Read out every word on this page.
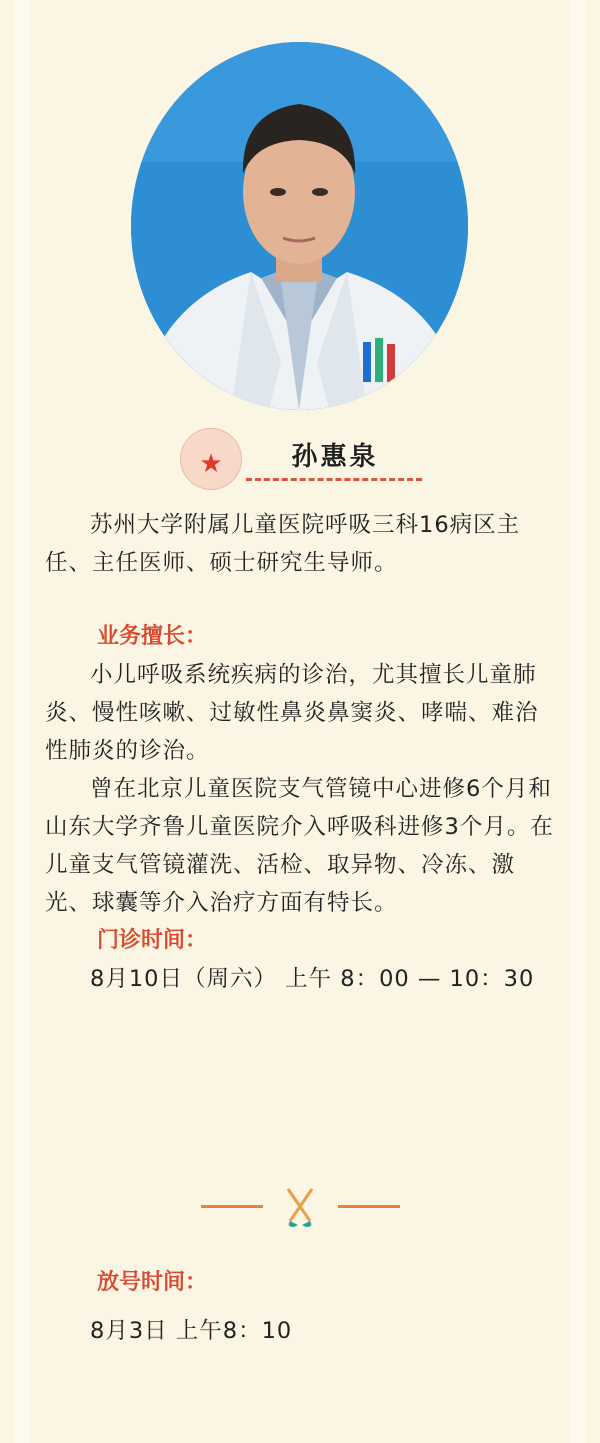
★	孙惠泉

苏州大学附属儿童医院呼吸三科16病区主任、主任医师、硕士研究生导师。

业务擅长：

小儿呼吸系统疾病的诊治，尤其擅长儿童肺炎、慢性咳嗽、过敏性鼻炎鼻窦炎、哮喘、难治性肺炎的诊治。

曾在北京儿童医院支气管镜中心进修6个月和山东大学齐鲁儿童医院介入呼吸科进修3个月。在儿童支气管镜灌洗、活检、取异物、冷冻、激光、球囊等介入治疗方面有特长。

门诊时间：

8月10日（周六） 上午 8：00 — 10：30

放号时间：

8月3日 上午8：10
